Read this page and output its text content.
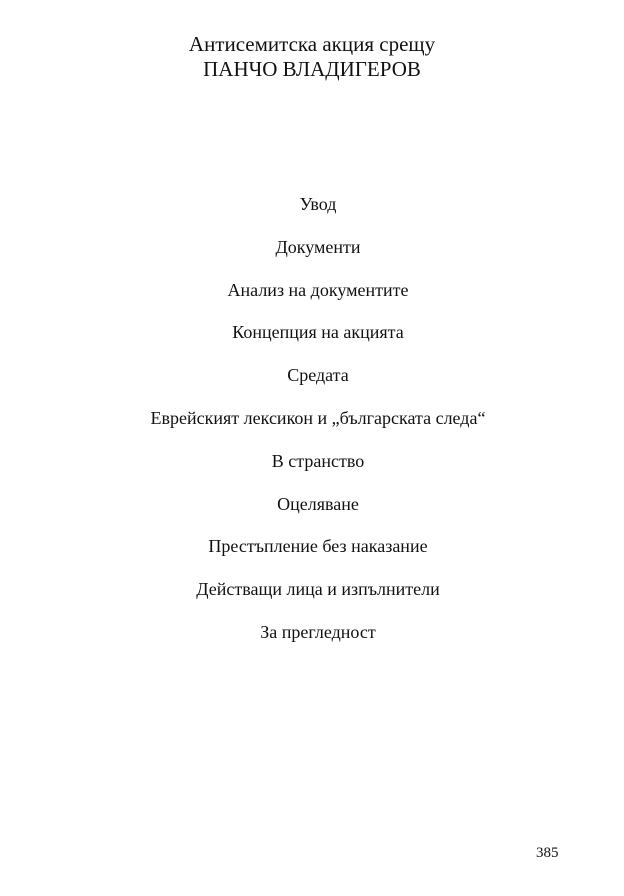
Антисемитска акция срещу
ПАНЧО ВЛАДИГЕРОВ
Увод
Документи
Анализ на документите
Концепция на акцията
Средата
Еврейският лексикон и „българската следа“
В странство
Оцеляване
Престъпление без наказание
Действащи лица и изпълнители
За прегледност
385
